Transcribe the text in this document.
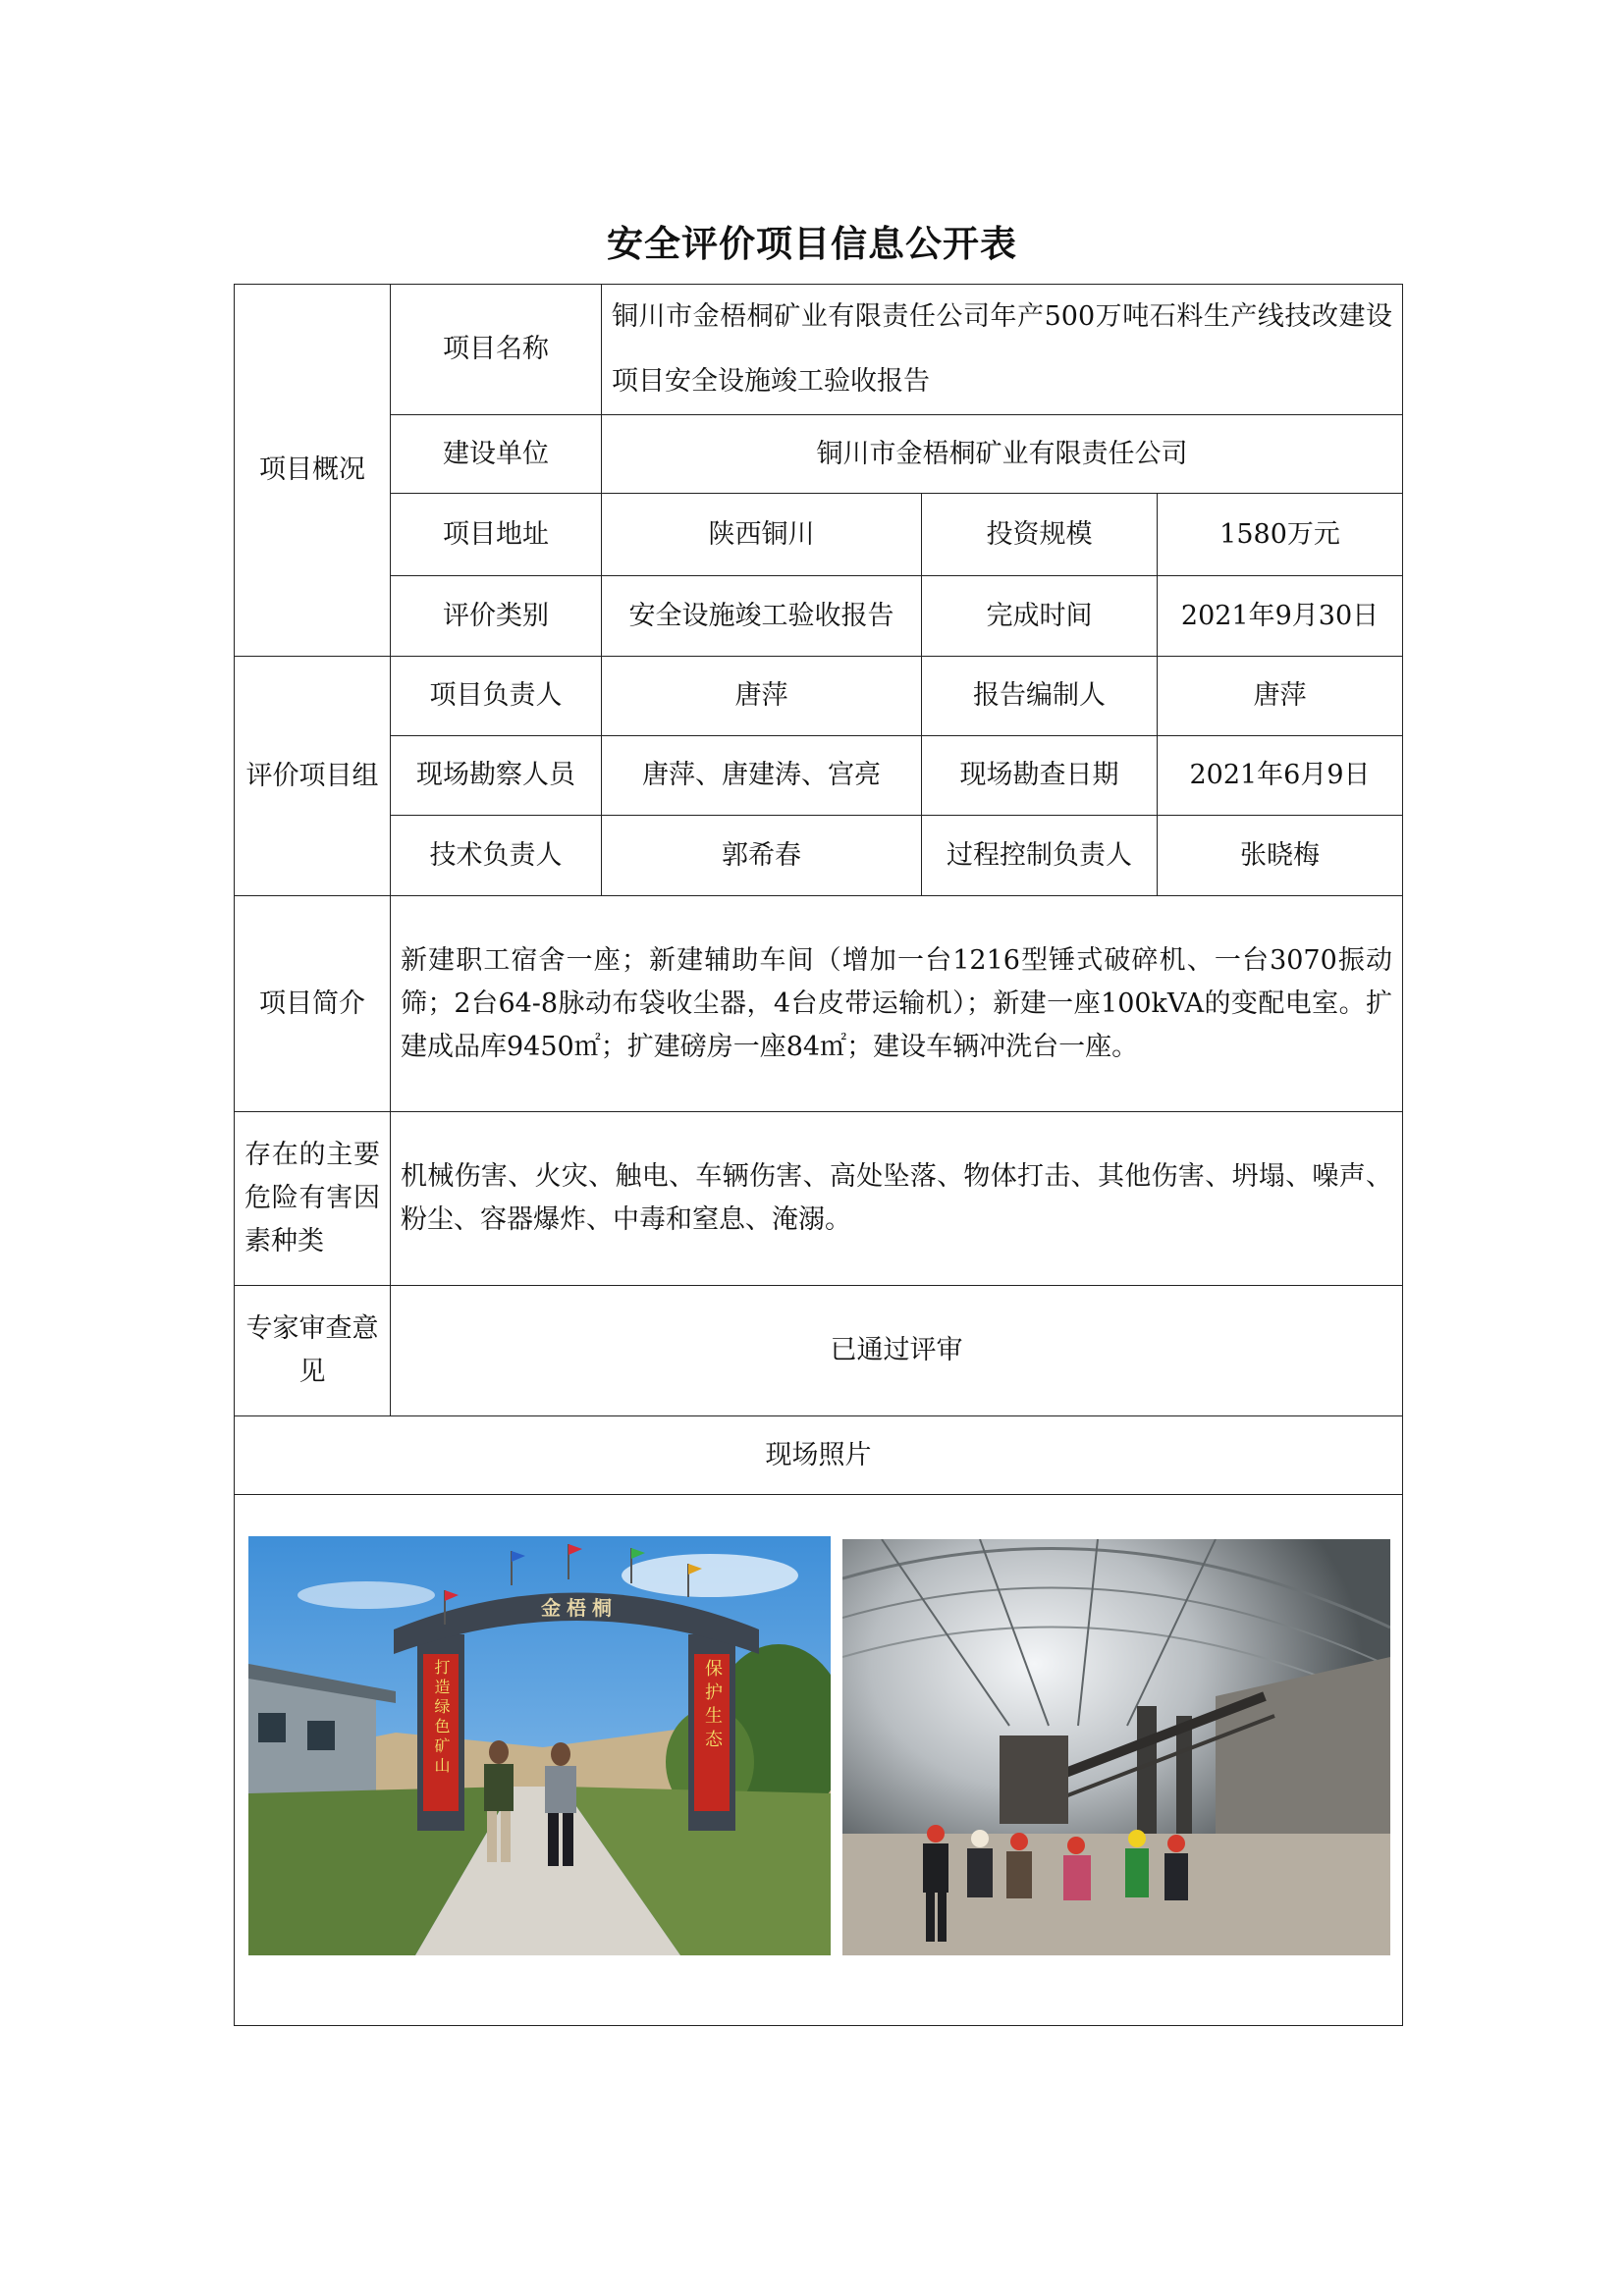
安全评价项目信息公开表
项目概况	项目名称	铜川市金梧桐矿业有限责任公司年产500万吨石料生产线技改建设项目安全设施竣工验收报告		

	建设单位	铜川市金梧桐矿业有限责任公司		
	项目地址	陕西铜川	投资规模	1580万元
	评价类别	安全设施竣工验收报告	完成时间	2021年9月30日
评价项目组	项目负责人	唐萍	报告编制人	唐萍
	现场勘察人员	唐萍、唐建涛、宫亮	现场勘查日期	2021年6月9日
	技术负责人	郭希春	过程控制负责人	张晓梅
项目简介	新建职工宿舍一座；新建辅助车间（增加一台1216型锤式破碎机、一台3070振动筛；2台64-8脉动布袋收尘器，4台皮带运输机）；新建一座100kVA的变配电室。扩建成品库9450㎡；扩建磅房一座84㎡；建设车辆冲洗台一座。			

存在的主要危险有害因素种类	机械伤害、火灾、触电、车辆伤害、高处坠落、物体打击、其他伤害、坍塌、噪声、粉尘、容器爆炸、中毒和窒息、淹溺。			

专家审查意见	已通过评审			
现场照片				

金梧桐
打造绿色矿山 保护生态				
